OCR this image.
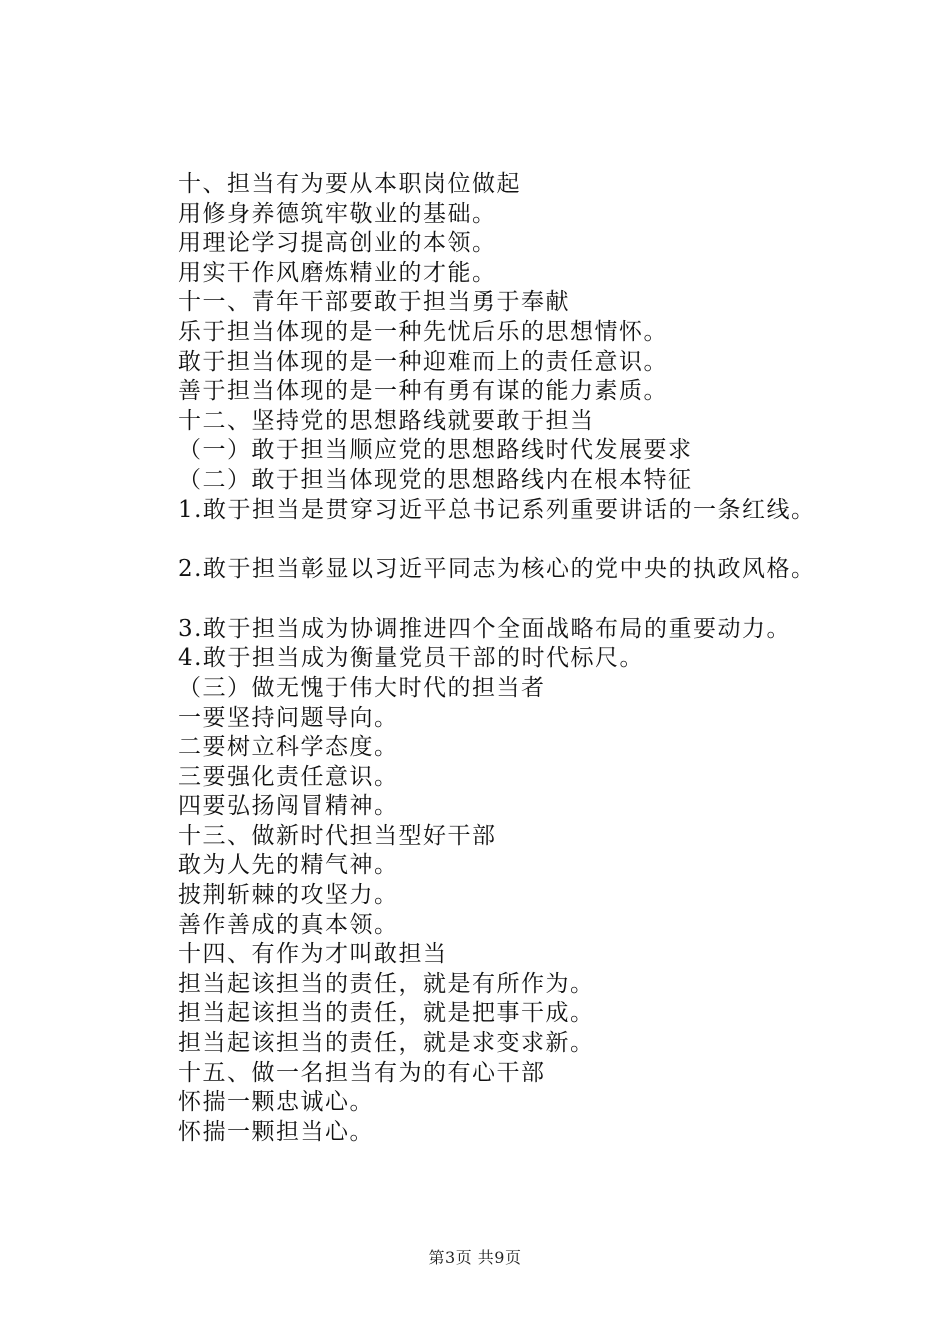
十、担当有为要从本职岗位做起
用修身养德筑牢敬业的基础。
用理论学习提高创业的本领。
用实干作风磨炼精业的才能。
十一、青年干部要敢于担当勇于奉献
乐于担当体现的是一种先忧后乐的思想情怀。
敢于担当体现的是一种迎难而上的责任意识。
善于担当体现的是一种有勇有谋的能力素质。
十二、坚持党的思想路线就要敢于担当
（一）敢于担当顺应党的思想路线时代发展要求
（二）敢于担当体现党的思想路线内在根本特征
1.敢于担当是贯穿习近平总书记系列重要讲话的一条红线。
2.敢于担当彰显以习近平同志为核心的党中央的执政风格。
3.敢于担当成为协调推进四个全面战略布局的重要动力。
4.敢于担当成为衡量党员干部的时代标尺。
（三）做无愧于伟大时代的担当者
一要坚持问题导向。
二要树立科学态度。
三要强化责任意识。
四要弘扬闯冒精神。
十三、做新时代担当型好干部
敢为人先的精气神。
披荆斩棘的攻坚力。
善作善成的真本领。
十四、有作为才叫敢担当
担当起该担当的责任，就是有所作为。
担当起该担当的责任，就是把事干成。
担当起该担当的责任，就是求变求新。
十五、做一名担当有为的有心干部
怀揣一颗忠诚心。
怀揣一颗担当心。
第3页 共9页
